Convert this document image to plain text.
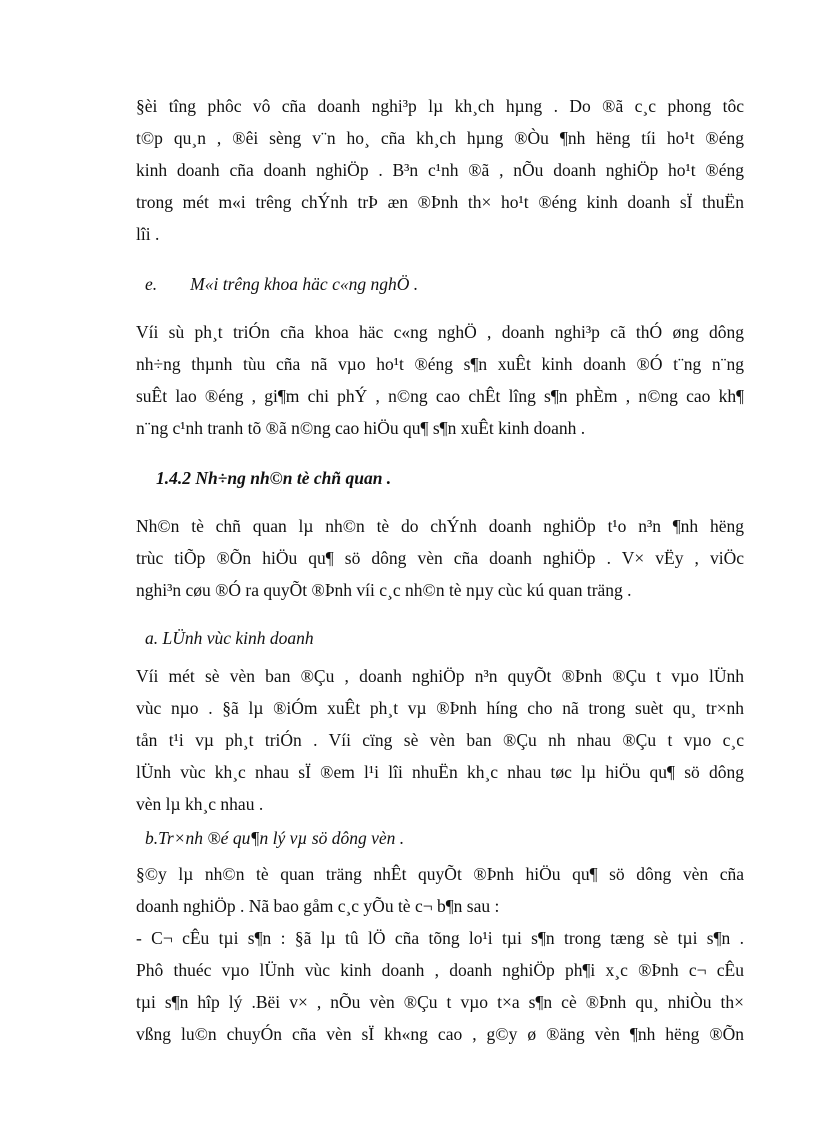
§èi tîng phôc vô cña doanh nghi³p lµ kh¸ch hµng . Do ®ã c¸c phong tôc
t©p qu¸n , ®êi sèng v¨n ho¸ cña kh¸ch hµng ®Òu ¶nh hëng tíi ho¹t ®éng
kinh doanh cña doanh nghiÖp . B³n c¹nh ®ã , nÕu doanh nghiÖp ho¹t ®éng
trong mét m«i trêng chÝnh trÞ æn ®Þnh th× ho¹t ®éng kinh doanh sÏ thuËn
lîi .

e. M«i trêng khoa häc c«ng nghÖ .

Víi sù ph¸t triÓn cña khoa häc c«ng nghÖ , doanh nghi³p cã thÓ øng dông
nh÷ng thµnh tùu cña nã vµo ho¹t ®éng s¶n xuÊt kinh doanh ®Ó t¨ng n¨ng
suÊt lao ®éng , gi¶m chi phÝ , n©ng cao chÊt lîng s¶n phÈm , n©ng cao kh¶
n¨ng c¹nh tranh tõ ®ã n©ng cao hiÖu qu¶ s¶n xuÊt kinh doanh .

1.4.2 Nh÷ng nh©n tè chñ quan .

Nh©n tè chñ quan lµ nh©n tè do chÝnh doanh nghiÖp t¹o n³n ¶nh hëng
trùc tiÕp ®Õn hiÖu qu¶ sö dông vèn cña doanh nghiÖp . V× vËy , viÖc
nghi³n cøu ®Ó ra quyÕt ®Þnh víi c¸c nh©n tè nµy cùc kú quan träng .

a. LÜnh vùc kinh doanh

Víi mét sè vèn ban ®Çu , doanh nghiÖp n³n quyÕt ®Þnh ®Çu t vµo lÜnh
vùc nµo . §ã lµ ®iÓm xuÊt ph¸t vµ ®Þnh híng cho nã trong suèt qu¸ tr×nh
tån t¹i vµ ph¸t triÓn . Víi cïng sè vèn ban ®Çu nh nhau ®Çu t vµo c¸c
lÜnh vùc kh¸c nhau sÏ ®em l¹i lîi nhuËn kh¸c nhau tøc lµ hiÖu qu¶ sö dông
vèn lµ kh¸c nhau .

b.Tr×nh ®é qu¶n lý vµ sö dông vèn .

§©y lµ nh©n tè quan träng nhÊt quyÕt ®Þnh hiÖu qu¶ sö dông vèn cña
doanh nghiÖp . Nã bao gåm c¸c yÕu tè c¬ b¶n sau :

- C¬ cÊu tµi s¶n : §ã lµ tû lÖ cña tõng lo¹i tµi s¶n trong tæng sè tµi s¶n .
Phô thuéc vµo lÜnh vùc kinh doanh , doanh nghiÖp ph¶i x¸c ®Þnh c¬ cÊu
tµi s¶n hîp lý .Bëi v× , nÕu vèn ®Çu t vµo t×a s¶n cè ®Þnh qu¸ nhiÒu th×
vßng lu©n chuyÓn cña vèn sÏ kh«ng cao , g©y ø ®äng vèn ¶nh hëng ®Õn
